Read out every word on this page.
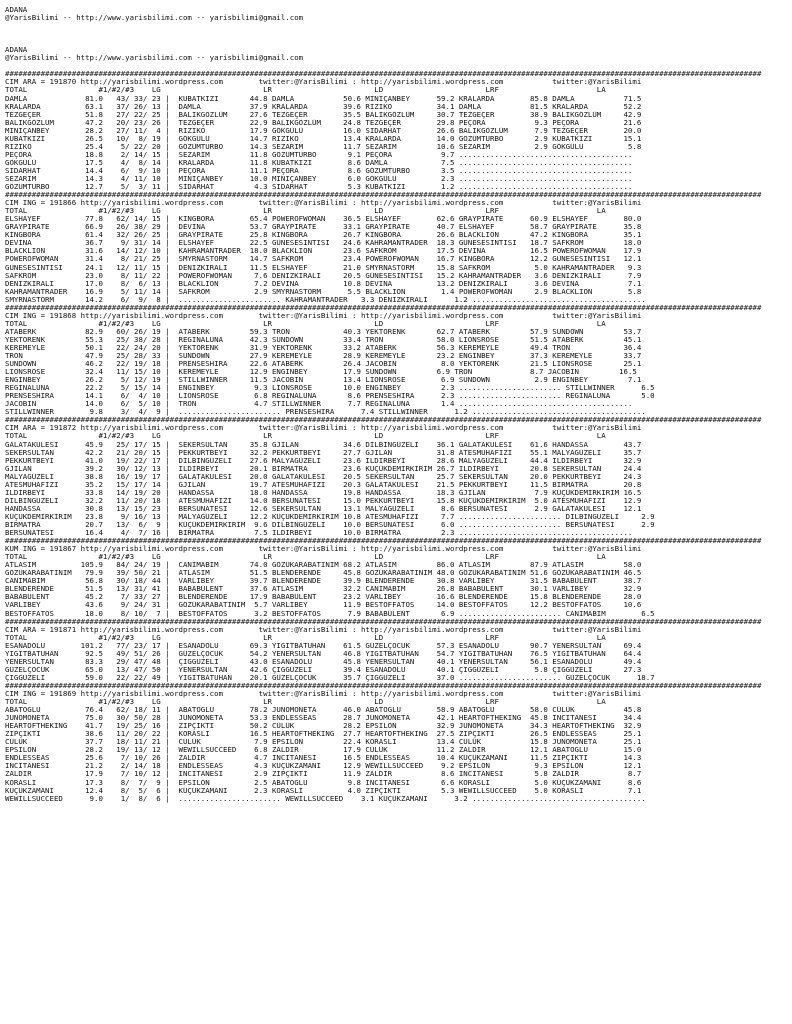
ADANA
@YarisBilimi -- http://www.yarisbilimi.com -- yarisbilimi@gmail.com
ADANA
@YarisBilimi -- http://www.yarisbilimi.com -- yarisbilimi@gmail.com
##########################################################################################################################################################################
CIM ARA = 191870 http://yarisbilimi.wordpress.com        twitter:@YarisBilimi : http://yarisbilimi.wordpress.com           twitter:@YarisBilimi
TOTAL                #1/#2/#3    LG                       LR                       LD                       LRF                      LA
DAMLA             81.0   43/ 33/ 23 |  KUBATKIZI       44.8 DAMLA           50.6 MINIÇANBEY      59.2 KRALARDA        85.8 DAMLA           71.5
KRALARDA          63.1   37/ 26/ 13 |  DAMLA           37.9 KRALARDA        39.6 RIZIKO          34.1 DAMLA           81.5 KRALARDA        52.2
TEZGEÇER          51.8   27/ 22/ 25 |  BALIKGÖZLÜM     27.6 TEZGEÇER        35.5 BALIKGÖZLÜM     30.7 TEZGEÇER        38.9 BALIKGÖZLÜM     42.9
BALIKGÖZLÜM       47.2   20/ 23/ 26 |  TEZGEÇER        22.9 BALIKGÖZLÜM     24.8 TEZGEÇER        29.8 PEÇORA           9.3 PEÇORA          21.6
MINIÇANBEY        28.2   27/ 11/  4 |  RIZIKO          17.9 GÖKGÜLÜ         16.0 SIDARHAT        26.6 BALIKGÖZLÜM      7.9 TEZGEÇER        20.0
KUBATKIZI         26.5   10/  8/ 19 |  GÖKGÜLÜ         14.7 RIZIKO          13.4 KRALARDA        14.0 GÖZÜMTURBO       2.9 KUBATKIZI       15.1
RIZIKO            25.4    5/ 22/ 20 |  GÖZÜMTURBO      14.3 SEZARIM         11.7 SEZARIM         10.6 SEZARIM          2.9 GÖKGÜLÜ          5.8
PEÇORA            18.8    2/ 14/ 15 |  SEZARIM         11.8 GÖZÜMTURBO       9.1 PEÇORA           9.7 .......................................
GÖKGÜLÜ           17.5    4/  8/ 14 |  KRALARDA        11.8 KUBATKIZI        8.6 DAMLA            7.5 .......................................
SIDARHAT          14.4    6/  9/ 10 |  PEÇORA          11.1 PEÇORA           8.6 GÖZÜMTURBO       3.5 .......................................
SEZARIM           14.3    4/ 11/ 10 |  MINIÇANBEY      10.0 MINIÇANBEY       6.0 GÖKGÜLÜ          2.3 .......................................
GÖZÜMTURBO        12.7    5/  3/ 11 |  SIDARHAT         4.3 SIDARHAT         5.3 KUBATKIZI        1.2 .......................................
##########################################################################################################################################################################
CIM ING = 191866 http://yarisbilimi.wordpress.com        twitter:@YarisBilimi : http://yarisbilimi.wordpress.com           twitter:@YarisBilimi
TOTAL                #1/#2/#3    LG                       LR                       LD                       LRF                      LA
ELSHAYEF          77.8   62/ 14/ 15 |  KINGBORA        65.4 POWEROFWOMAN    36.5 ELSHAYEF        62.6 GRAYPIRATE      60.9 ELSHAYEF        80.0
GRAYPIRATE        66.9   26/ 38/ 29 |  DEVINA          53.7 GRAYPIRATE      33.1 GRAYPIRATE      40.7 ELSHAYEF        58.7 GRAYPIRATE      35.8
KINGBORA          61.4   32/ 26/ 25 |  GRAYPIRATE      25.8 KINGBORA        26.7 KINGBORA        26.6 BLACKLION       47.2 KINGBORA        35.1
DEVINA            36.7    9/ 31/ 14 |  ELSHAYEF        22.5 GÜNESESINTISI   24.6 KAHRAMANTRADER  18.3 GÜNESESINTISI   18.7 SAFKROM         18.0
BLACKLION         31.6   14/ 12/ 10 |  KAHRAMANTRADER  18.0 BLACKLION       23.6 SAFKROM         17.5 DEVINA          16.5 POWEROFWOMAN    17.9
POWEROFWOMAN      31.4    8/ 21/ 25 |  SMYRNASTORM     14.7 SAFKROM         23.4 POWEROFWOMAN    16.7 KINGBORA        12.2 GÜNESESINTISI   12.1
GÜNESESINTISI     24.1   12/ 11/ 15 |  DENIZKIRALI     11.5 ELSHAYEF        21.0 SMYRNASTORM     15.8 SAFKROM          5.0 KAHRAMANTRADER   9.3
SAFKROM           23.0    8/ 11/ 22 |  POWEROFWOMAN     7.6 DENIZKIRALI     20.5 GÜNESESINTISI   15.2 KAHRAMANTRADER   3.6 DENIZKIRALI      7.9
DENIZKIRALI       17.0    8/  6/ 13 |  BLACKLION        7.2 DEVINA          10.8 DEVINA          13.2 DENIZKIRALI      3.6 DEVINA           7.1
KAHRAMANTRADER    16.9    5/ 11/ 14 |  SAFKROM          2.9 SMYRNASTORM      5.5 BLACKLION        1.4 POWEROFWOMAN     2.9 BLACKLION        5.8
SMYRNASTORM       14.2    6/  9/  8 |  ....................... KAHRAMANTRADER   3.3 DENIZKIRALI      1.2 .......................................
##########################################################################################################################################################################
CIM ING = 191868 http://yarisbilimi.wordpress.com        twitter:@YarisBilimi : http://yarisbilimi.wordpress.com           twitter:@YarisBilimi
TOTAL                #1/#2/#3    LG                       LR                       LD                       LRF                      LA
ATABERK           82.9   60/ 26/ 19 |  ATABERK         59.3 TRON            40.3 YEKTORENK       62.7 ATABERK         57.9 SUNDOWN         53.7
YEKTORENK         55.3   25/ 38/ 28 |  REGINALUNA      42.3 SUNDOWN         33.4 TRON            58.0 LIONSROSE       51.5 ATABERK         45.1
KEREMEYLE         50.1   22/ 24/ 20 |  YEKTORENK       31.9 YEKTORENK       33.2 ATABERK         56.3 KEREMEYLE       49.4 TRON            36.4
TRON              47.9   25/ 28/ 33 |  SUNDOWN         27.9 KEREMEYLE       28.9 KEREMEYLE       23.2 ENGINBEY        37.3 KEREMEYLE       33.7
SUNDOWN           46.2   22/ 19/ 18 |  PRENSESHIRA     22.6 ATABERK         26.4 JACOBIN          8.0 YEKTORENK       21.5 LIONSROSE       25.1
LIONSROSE         32.4   11/ 15/ 10 |  KEREMEYLE       12.9 ENGINBEY        17.9 SUNDOWN         6.9 TRON             8.7 JACOBIN         16.5
ENGINBEY          26.2    5/ 12/ 19 |  STILLWINNER     11.5 JACOBIN         13.4 LIONSROSE        6.9 SUNDOWN          2.9 ENGINBEY         7.1
REGINALUNA        22.2    5/ 15/ 14 |  ENGINBEY         9.3 LIONSROSE       10.0 ENGINBEY         2.3 ....................... STILLWINNER      6.5
PRENSESHIRA       14.1    6/  4/ 10 |  LIONSROSE        6.8 REGINALUNA       8.6 PRENSESHIRA      2.3 ....................... REGINALUNA       5.0
JACOBIN           14.0    6/  5/ 10 |  TRON             4.7 STILLWINNER      7.7 REGINALUNA       1.4 .......................................
STILLWINNER        9.8    3/  4/  9 |  ....................... PRENSESHIRA      7.4 STILLWINNER      1.2 .......................................
##########################################################################################################################################################################
CIM ARA = 191872 http://yarisbilimi.wordpress.com        twitter:@YarisBilimi : http://yarisbilimi.wordpress.com           twitter:@YarisBilimi
TOTAL                #1/#2/#3    LG                       LR                       LD                       LRF                      LA
GALATAKULESI      45.9   25/ 17/ 15 |  SEKERSULTAN     35.8 GJILAN          34.6 DILBINGÜZELI    36.1 GALATAKULESI    61.6 HANDASSA        43.7
SEKERSULTAN       42.2   21/ 20/ 15 |  PEKKURTBEYI     32.2 PEKKURTBEYI     27.7 GJILAN          31.8 ATESMUHAFIZI    55.1 MALYAGÜZELI     35.7
PEKKURTBEYI       41.0   19/ 22/ 17 |  DILBINGÜZELI    27.6 MALYAGÜZELI     23.6 ILDIRBEYI       28.6 MALYAGÜZELI     44.4 ILDIRBEYI       32.9
GJILAN            39.2   30/ 12/ 13 |  ILDIRBEYI       20.1 BIRMATRA        23.6 KÜÇÜKDEMIRKIRIM 26.7 ILDIRBEYI       20.8 SEKERSULTAN     24.4
MALYAGÜZELI       38.8   16/ 19/ 17 |  GALATAKULESI    20.0 GALATAKULESI    20.5 SEKERSULTAN     25.7 SEKERSULTAN     20.0 PEKKURTBEYI     24.3
ATESMUHAFIZI      35.2   15/ 17/ 14 |  GJILAN          19.7 ATESMUHAFIZI    20.3 GALATAKULESI    21.5 PEKKURTBEYI     11.5 BIRMATRA        20.8
ILDIRBEYI         33.8   14/ 19/ 20 |  HANDASSA        18.0 HANDASSA        19.8 HANDASSA        18.3 GJILAN           7.9 KÜÇÜKDEMIRKIRIM 16.5
DILBINGÜZELI      32.2   11/ 20/ 18 |  ATESMUHAFIZI    14.0 BERSUNATESI     15.0 PEKKURTBEYI     15.8 KÜÇÜKDEMIRKIRIM  5.0 ATESMUHAFIZI    12.9
HANDASSA          30.8   13/ 15/ 23 |  BERSUNATESI     12.6 SEKERSULTAN     13.1 MALYAGÜZELI      8.6 BERSUNATESI      2.9 GALATAKULESI    12.1
KÜÇÜKDEMIRKIRIM   23.8    9/ 16/ 13 |  MALYAGÜZELI     12.2 KÜÇÜKDEMIRKIRIM 10.8 ATESMUHAFIZI     7.7 ....................... DILBINGÜZELI     2.9
BIRMATRA          20.7   13/  6/  9 |  KÜÇÜKDEMIRKIRIM  9.6 DILBINGÜZELI    10.0 BERSUNATESI      6.0 ....................... BERSUNATESI      2.9
BERSUNATESI       16.4    4/  7/ 16 |  BIRMATRA         7.5 ILDIRBEYI       10.0 BIRMATRA         2.3 .......................................
##########################################################################################################################################################################
KUM ING = 191867 http://yarisbilimi.wordpress.com        twitter:@YarisBilimi : http://yarisbilimi.wordpress.com           twitter:@YarisBilimi
TOTAL                #1/#2/#3    LG                       LR                       LD                       LRF                      LA
ATLASIM          105.9   84/ 24/ 19 |  CANIMABIM       74.0 GÖZÜKARABATINIM 68.2 ATLASIM         86.0 ATLASIM         87.9 ATLASIM         58.0
GÖZÜKARABATINIM   79.9   39/ 50/ 21 |  ATLASIM         51.5 BLENDERENDE     45.8 GÖZÜKARABATINIM 48.0 GÖZÜKARABATINIM 51.6 GÖZÜKARABATINIM 46.5
CANIMABIM         56.8   30/ 18/ 44 |  VARLIBEY        39.7 BLENDERENDE     39.9 BLENDERENDE     30.8 VARLIBEY        31.5 BABABÜLENT      38.7
BLENDERENDE       51.5   13/ 31/ 41 |  BABABÜLENT      37.6 ATLASIM         32.2 CANIMABIM       26.8 BABABÜLENT      30.1 VARLIBEY        32.9
BABABÜLENT        45.2    7/ 33/ 27 |  BLENDERENDE     17.9 BABABÜLENT      23.2 VARLIBEY        16.6 BLENDERENDE     15.8 BLENDERENDE     28.0
VARLIBEY          43.6    9/ 24/ 31 |  GÖZÜKARABATINIM  5.7 VARLIBEY        11.9 BESTOFFATOS     14.0 BESTOFFATOS     12.2 BESTOFFATOS     10.6
BESTOFFATOS       18.0    8/ 10/  7 |  BESTOFFATOS      3.2 BESTOFFATOS      7.9 BABABÜLENT       6.9 ....................... CANIMABIM        6.5
##########################################################################################################################################################################
CIM ARA = 191871 http://yarisbilimi.wordpress.com        twitter:@YarisBilimi : http://yarisbilimi.wordpress.com           twitter:@YarisBilimi
TOTAL                #1/#2/#3    LG                       LR                       LD                       LRF                      LA
ESANADOLU        101.2   77/ 23/ 17 |  ESANADOLU       69.3 YIGITBATUHAN    61.5 GÜZELÇOCUK      57.3 ESANADOLU       90.7 YENERSULTAN     69.4
YIGITBATUHAN      92.5   49/ 51/ 26 |  GÜZELÇOCUK      54.2 YENERSULTAN     46.8 YIGITBATUHAN    54.7 YIGITBATUHAN    76.5 YIGITBATUHAN    64.4
YENERSULTAN       83.3   29/ 47/ 48 |  ÇIGGÜZELI       43.0 ESANADOLU       45.8 YENERSULTAN     40.1 YENERSULTAN     56.1 ESANADOLU       49.4
GÜZELÇOCUK        65.0   13/ 47/ 50 |  YENERSULTAN     42.6 ÇIGGÜZELI       39.4 ESANADOLU       40.1 ÇIGGÜZELI        5.8 ÇIGGÜZELI       27.3
ÇIGGÜZELI         59.0   22/ 22/ 49 |  YIGITBATUHAN    20.1 GÜZELÇOCUK      35.7 ÇIGGÜZELI       37.0 ....................... GÜZELÇOCUK      18.7
##########################################################################################################################################################################
CIM ING = 191869 http://yarisbilimi.wordpress.com        twitter:@YarisBilimi : http://yarisbilimi.wordpress.com           twitter:@YarisBilimi
TOTAL                #1/#2/#3    LG                       LR                       LD                       LRF                      LA
ABATOGLU          76.4   62/ 18/ 11 |  ABATOGLU        78.2 JUNOMONETA      46.0 ABATOGLU        58.9 ABATOGLU        58.0 CÜLÜK           45.8
JUNOMONETA        75.0   30/ 50/ 28 |  JUNOMONETA      53.3 ENDLESSEAS      28.7 JUNOMONETA      42.1 HEARTOFTHEKING  45.8 INCITANESI      34.4
HEARTOFTHEKING    41.7   19/ 25/ 16 |  ZIPÇIKTI        50.2 CÜLÜK           28.2 EPSILON         32.9 JUNOMONETA      34.3 HEARTOFTHEKING  32.9
ZIPÇIKTI          38.6   11/ 20/ 22 |  KORASLI         16.5 HEARTOFTHEKING  27.7 HEARTOFTHEKING  27.5 ZIPÇIKTI        26.5 ENDLESSEAS      25.1
CÜLÜK             37.7   18/ 11/ 21 |  CÜLÜK            7.9 EPSILON         22.4 KORASLI         13.4 CÜLÜK           15.8 JUNOMONETA      25.1
EPSILON           28.2   19/ 13/ 12 |  WEWILLSUCCEED    6.8 ZALDIR          17.9 CÜLÜK           11.2 ZALDIR          12.1 ABATOGLU        15.0
ENDLESSEAS        25.6    7/ 10/ 26 |  ZALDIR           4.7 INCITANESI      16.5 ENDLESSEAS      10.4 KÜÇÜKZAMANI     11.5 ZIPÇIKTI        14.3
INCITANESI        21.2    2/ 14/ 18 |  ENDLESSEAS       4.3 KÜÇÜKZAMANI     12.9 WEWILLSUCCEED    9.2 EPSILON          9.3 EPSILON         12.1
ZALDIR            17.9    7/ 10/ 12 |  INCITANESI       2.9 ZIPÇIKTI        11.9 ZALDIR           8.6 INCITANESI       5.8 ZALDIR           8.7
KORASLI           17.3    8/  7/  9 |  EPSILON          2.5 ABATOGLU         9.8 INCITANESI       6.6 KORASLI          5.0 KÜÇÜKZAMANI      8.6
KÜÇÜKZAMANI       12.4    8/  5/  6 |  KÜÇÜKZAMANI      2.3 KORASLI          4.0 ZIPÇIKTI         5.3 WEWILLSUCCEED    5.0 KORASLI          7.1
WEWILLSUCCEED      9.0    1/  8/  6 |  ....................... WEWILLSUCCEED    3.1 KÜÇÜKZAMANI      3.2 .......................................
